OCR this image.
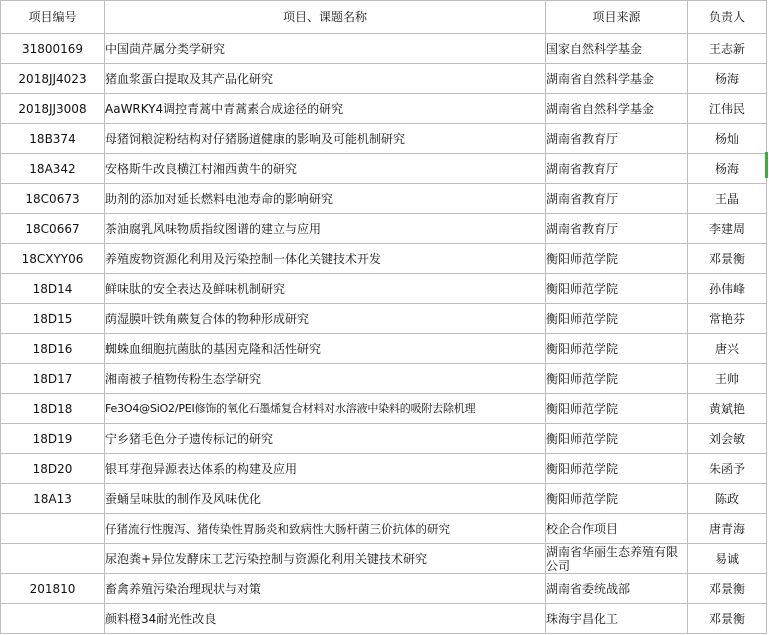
项目编号	项目、课题名称	项目来源	负责人
31800169	中国茴芹属分类学研究	国家自然科学基金	王志新
2018JJ4023	猪血浆蛋白提取及其产品化研究	湖南省自然科学基金	杨海
2018JJ3008	AaWRKY4调控青蒿中青蒿素合成途径的研究	湖南省自然科学基金	江伟民
18B374	母猪饲粮淀粉结构对仔猪肠道健康的影响及可能机制研究	湖南省教育厅	杨灿
18A342	安格斯牛改良横江村湘西黄牛的研究	湖南省教育厅	杨海
18C0673	助剂的添加对延长燃料电池寿命的影响研究	湖南省教育厅	王晶
18C0667	茶油腐乳风味物质指纹图谱的建立与应用	湖南省教育厅	李建周
18CXYY06	养殖废物资源化利用及污染控制一体化关键技术开发	衡阳师范学院	邓景衡
18D14	鲜味肽的安全表达及鲜味机制研究	衡阳师范学院	孙伟峰
18D15	荫湿膜叶铁角蕨复合体的物种形成研究	衡阳师范学院	常艳芬
18D16	蜘蛛血细胞抗菌肽的基因克隆和活性研究	衡阳师范学院	唐兴
18D17	湘南被子植物传粉生态学研究	衡阳师范学院	王帅
18D18	Fe3O4@SiO2/PEI修饰的氧化石墨烯复合材料对水溶液中染料的吸附去除机理	衡阳师范学院	黄斌艳
18D19	宁乡猪毛色分子遗传标记的研究	衡阳师范学院	刘会敏
18D20	银耳芽孢异源表达体系的构建及应用	衡阳师范学院	朱函予
18A13	蚕蛹呈味肽的制作及风味优化	衡阳师范学院	陈政
	仔猪流行性腹泻、猪传染性胃肠炎和致病性大肠杆菌三价抗体的研究	校企合作项目	唐青海
	尿泡粪+异位发酵床工艺污染控制与资源化利用关键技术研究	湖南省华丽生态养殖有限公司	易诚
201810	畜禽养殖污染治理现状与对策	湖南省委统战部	邓景衡
	颜料橙34耐光性改良	珠海宇昌化工	邓景衡
